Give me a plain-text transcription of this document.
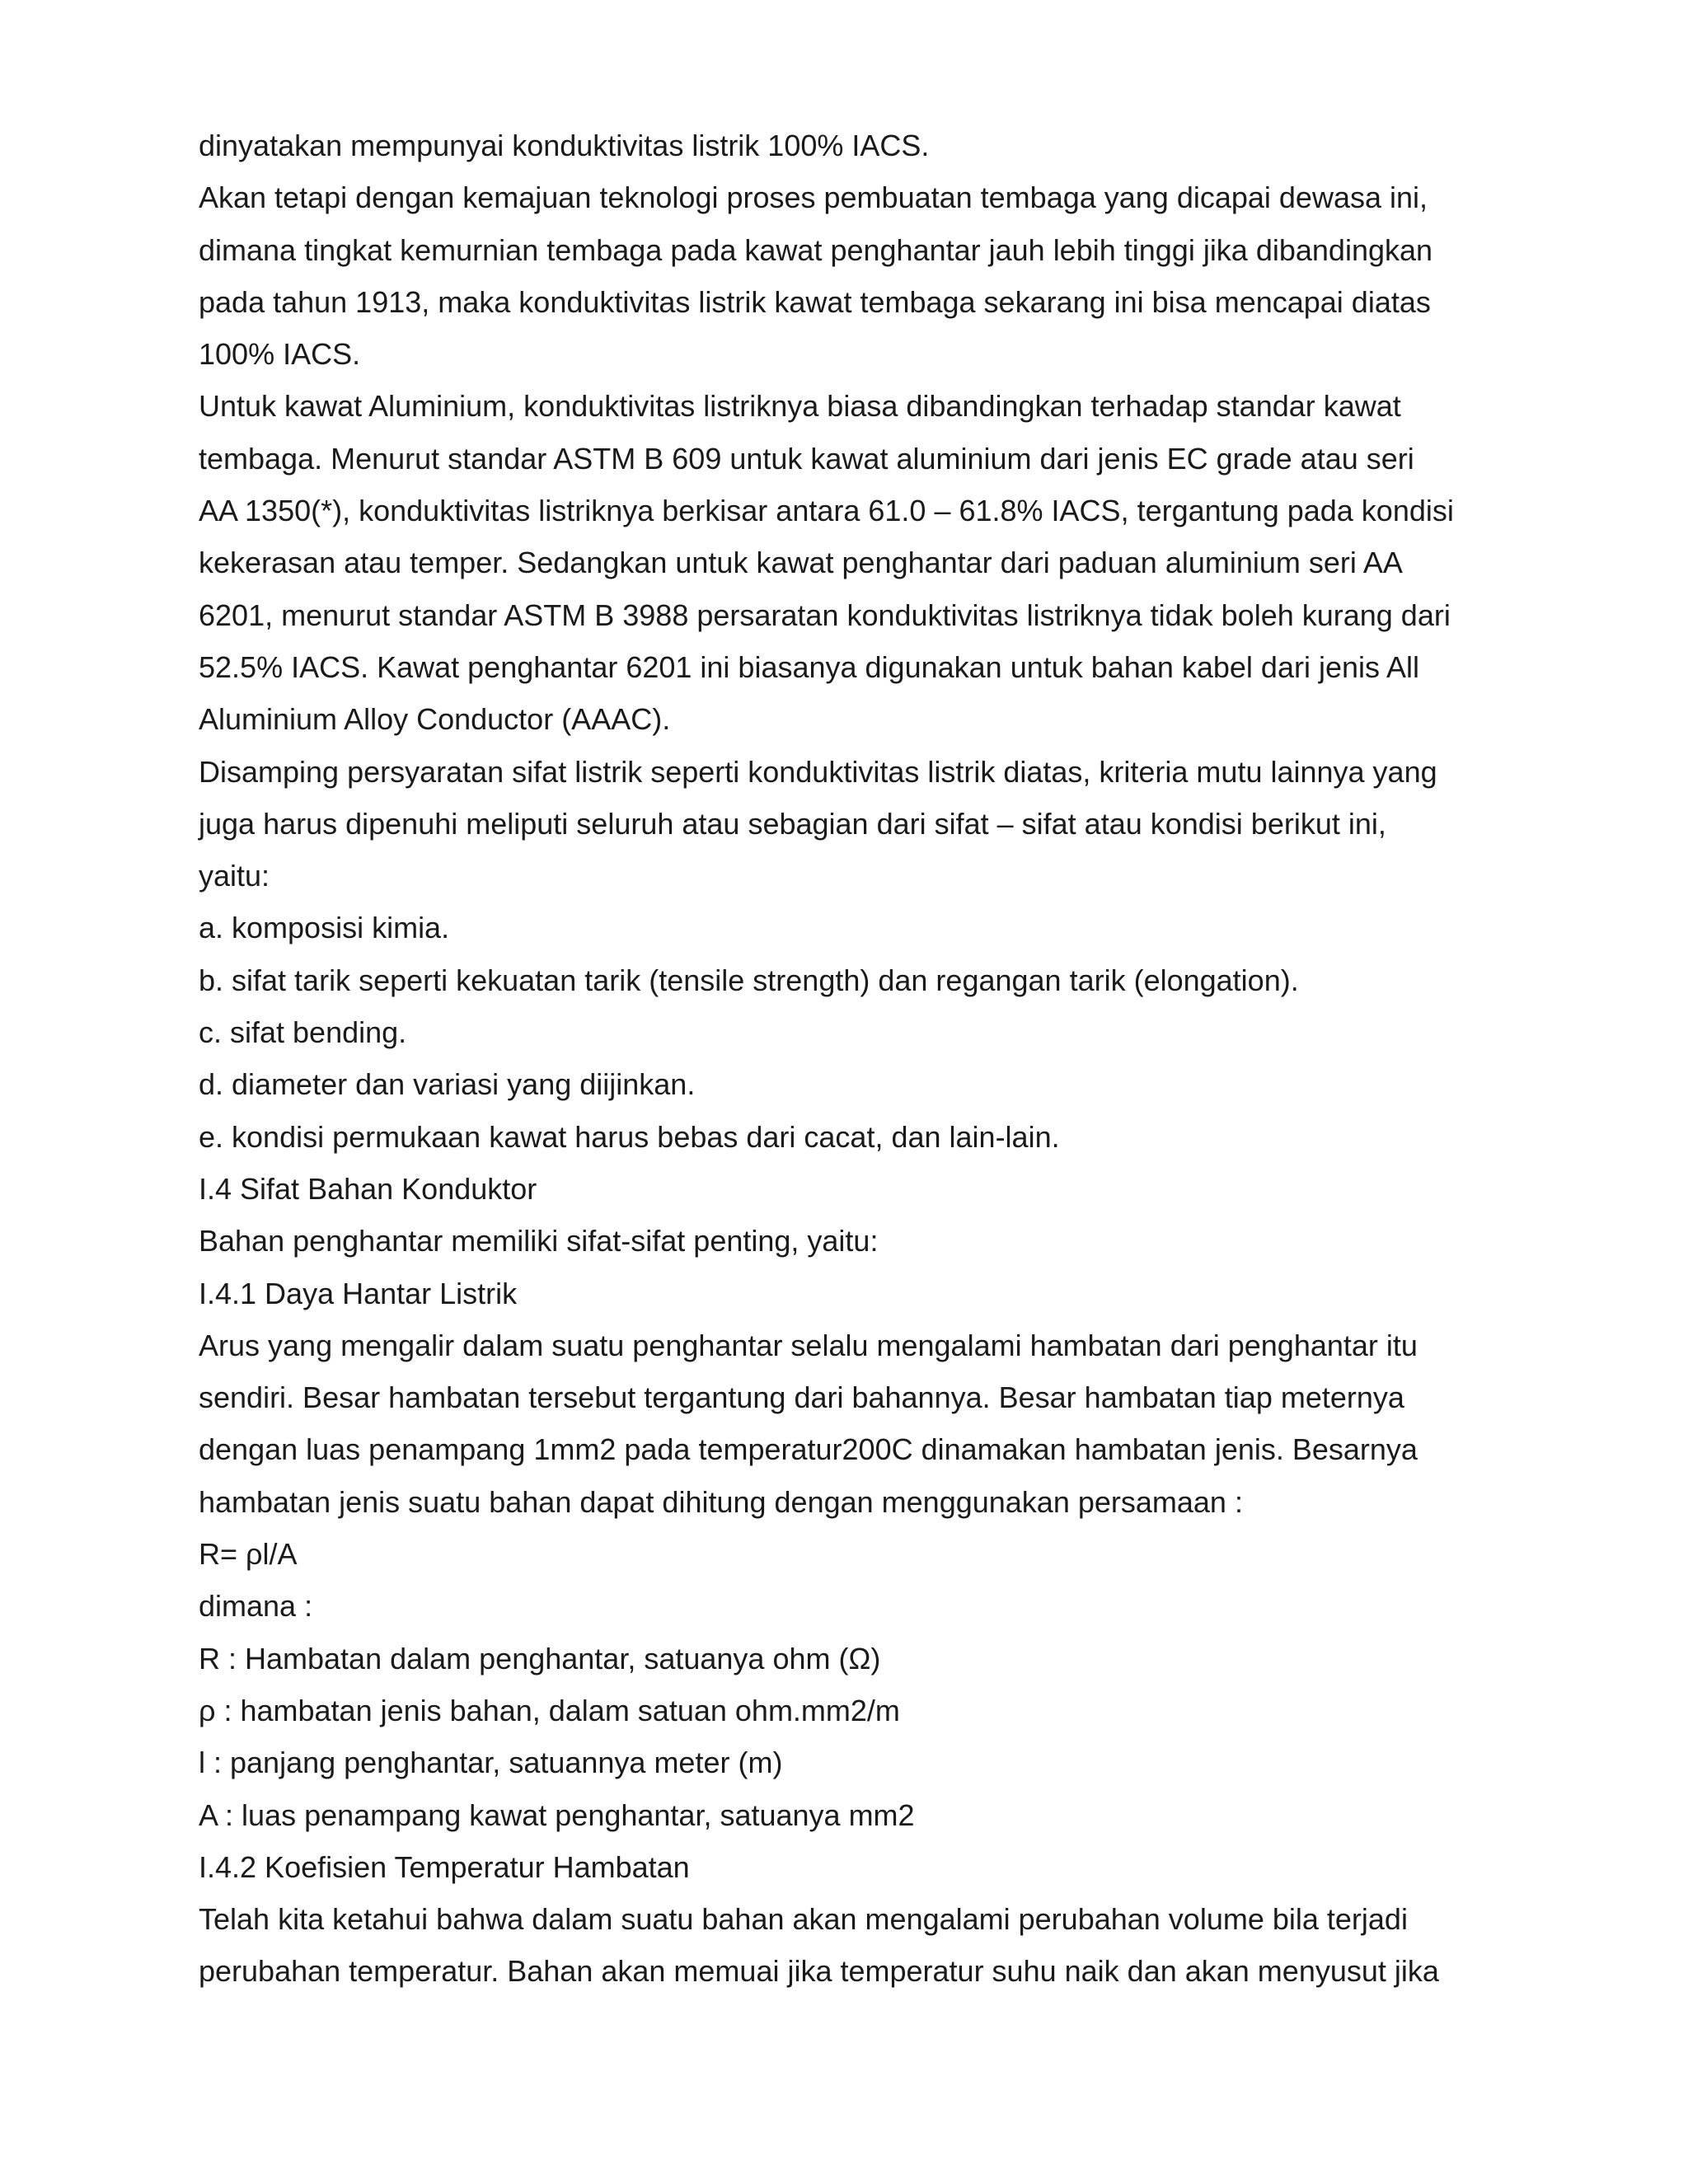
dinyatakan mempunyai konduktivitas listrik 100% IACS.

Akan tetapi dengan kemajuan teknologi proses pembuatan tembaga yang dicapai dewasa ini,

dimana tingkat kemurnian tembaga pada kawat penghantar jauh lebih tinggi jika dibandingkan

pada tahun 1913, maka konduktivitas listrik kawat tembaga sekarang ini bisa mencapai diatas

100% IACS.

Untuk kawat Aluminium, konduktivitas listriknya biasa dibandingkan terhadap standar kawat

tembaga. Menurut standar ASTM B 609 untuk kawat aluminium dari jenis EC grade atau seri

AA 1350(*), konduktivitas listriknya berkisar antara 61.0 – 61.8% IACS, tergantung pada kondisi

kekerasan atau temper. Sedangkan untuk kawat penghantar dari paduan aluminium seri AA

6201, menurut standar ASTM B 3988 persaratan konduktivitas listriknya tidak boleh kurang dari

52.5% IACS. Kawat penghantar 6201 ini biasanya digunakan untuk bahan kabel dari jenis All

Aluminium Alloy Conductor (AAAC).

Disamping persyaratan sifat listrik seperti konduktivitas listrik diatas, kriteria mutu lainnya yang

juga harus dipenuhi meliputi seluruh atau sebagian dari sifat – sifat atau kondisi berikut ini,

yaitu:

a. komposisi kimia.

b. sifat tarik seperti kekuatan tarik (tensile strength) dan regangan tarik (elongation).

c. sifat bending.

d. diameter dan variasi yang diijinkan.

e. kondisi permukaan kawat harus bebas dari cacat, dan lain-lain.

I.4 Sifat Bahan Konduktor

Bahan penghantar memiliki sifat-sifat penting, yaitu:

I.4.1 Daya Hantar Listrik

Arus yang mengalir dalam suatu penghantar selalu mengalami hambatan dari penghantar itu

sendiri. Besar hambatan tersebut tergantung dari bahannya. Besar hambatan tiap meternya

dengan luas penampang 1mm2 pada temperatur200C dinamakan hambatan jenis. Besarnya

hambatan jenis suatu bahan dapat dihitung dengan menggunakan persamaan :

R= ρl/A

dimana :

R : Hambatan dalam penghantar, satuanya ohm (Ω)

ρ : hambatan jenis bahan, dalam satuan ohm.mm2/m

l : panjang penghantar, satuannya meter (m)

A : luas penampang kawat penghantar, satuanya mm2

I.4.2 Koefisien Temperatur Hambatan

Telah kita ketahui bahwa dalam suatu bahan akan mengalami perubahan volume bila terjadi

perubahan temperatur. Bahan akan memuai jika temperatur suhu naik dan akan menyusut jika
